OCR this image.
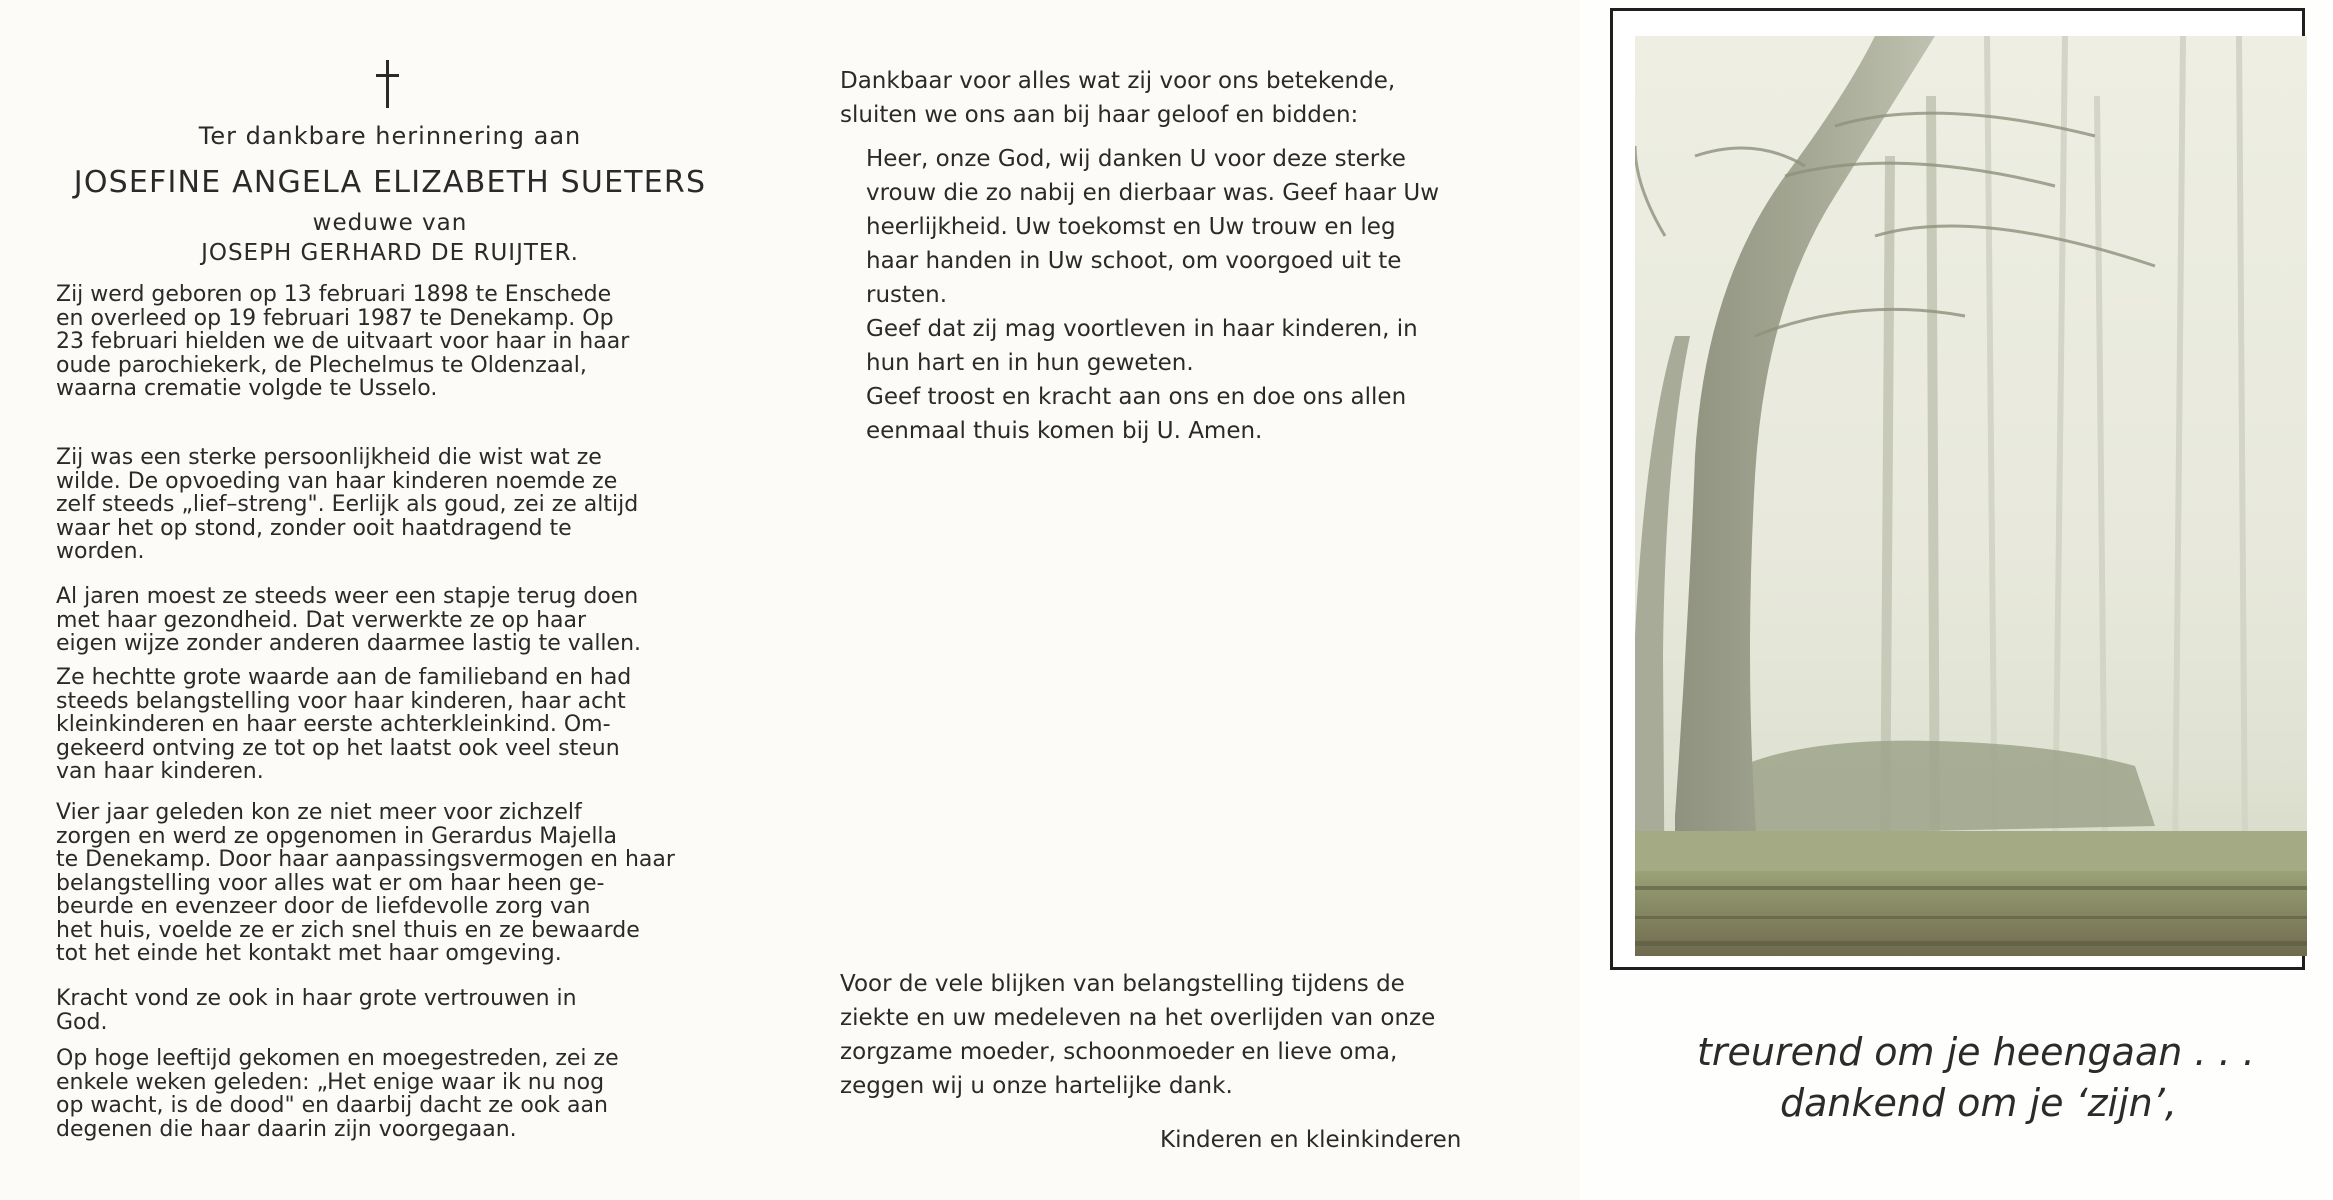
Ter dankbare herinnering aan
JOSEFINE ANGELA ELIZABETH SUETERS
weduwe van
JOSEPH GERHARD DE RUIJTER.

Zij werd geboren op 13 februari 1898 te Enschede
en overleed op 19 februari 1987 te Denekamp. Op
23 februari hielden we de uitvaart voor haar in haar
oude parochiekerk, de Plechelmus te Oldenzaal,
waarna crematie volgde te Usselo.

Zij was een sterke persoonlijkheid die wist wat ze
wilde. De opvoeding van haar kinderen noemde ze
zelf steeds „lief–streng". Eerlijk als goud, zei ze altijd
waar het op stond, zonder ooit haatdragend te
worden.

Al jaren moest ze steeds weer een stapje terug doen
met haar gezondheid. Dat verwerkte ze op haar
eigen wijze zonder anderen daarmee lastig te vallen.

Ze hechtte grote waarde aan de familieband en had
steeds belangstelling voor haar kinderen, haar acht
kleinkinderen en haar eerste achterkleinkind. Om-
gekeerd ontving ze tot op het laatst ook veel steun
van haar kinderen.

Vier jaar geleden kon ze niet meer voor zichzelf
zorgen en werd ze opgenomen in Gerardus Majella
te Denekamp. Door haar aanpassingsvermogen en haar
belangstelling voor alles wat er om haar heen ge-
beurde en evenzeer door de liefdevolle zorg van
het huis, voelde ze er zich snel thuis en ze bewaarde
tot het einde het kontakt met haar omgeving.

Kracht vond ze ook in haar grote vertrouwen in
God.

Op hoge leeftijd gekomen en moegestreden, zei ze
enkele weken geleden: „Het enige waar ik nu nog
op wacht, is de dood" en daarbij dacht ze ook aan
degenen die haar daarin zijn voorgegaan.

Dankbaar voor alles wat zij voor ons betekende,
sluiten we ons aan bij haar geloof en bidden:

Heer, onze God, wij danken U voor deze sterke
vrouw die zo nabij en dierbaar was. Geef haar Uw
heerlijkheid. Uw toekomst en Uw trouw en leg
haar handen in Uw schoot, om voorgoed uit te
rusten.
Geef dat zij mag voortleven in haar kinderen, in
hun hart en in hun geweten.
Geef troost en kracht aan ons en doe ons allen
eenmaal thuis komen bij U. Amen.

Voor de vele blijken van belangstelling tijdens de
ziekte en uw medeleven na het overlijden van onze
zorgzame moeder, schoonmoeder en lieve oma,
zeggen wij u onze hartelijke dank.

Kinderen en kleinkinderen
treurend om je heengaan . . .
dankend om je ‘zijn’,
